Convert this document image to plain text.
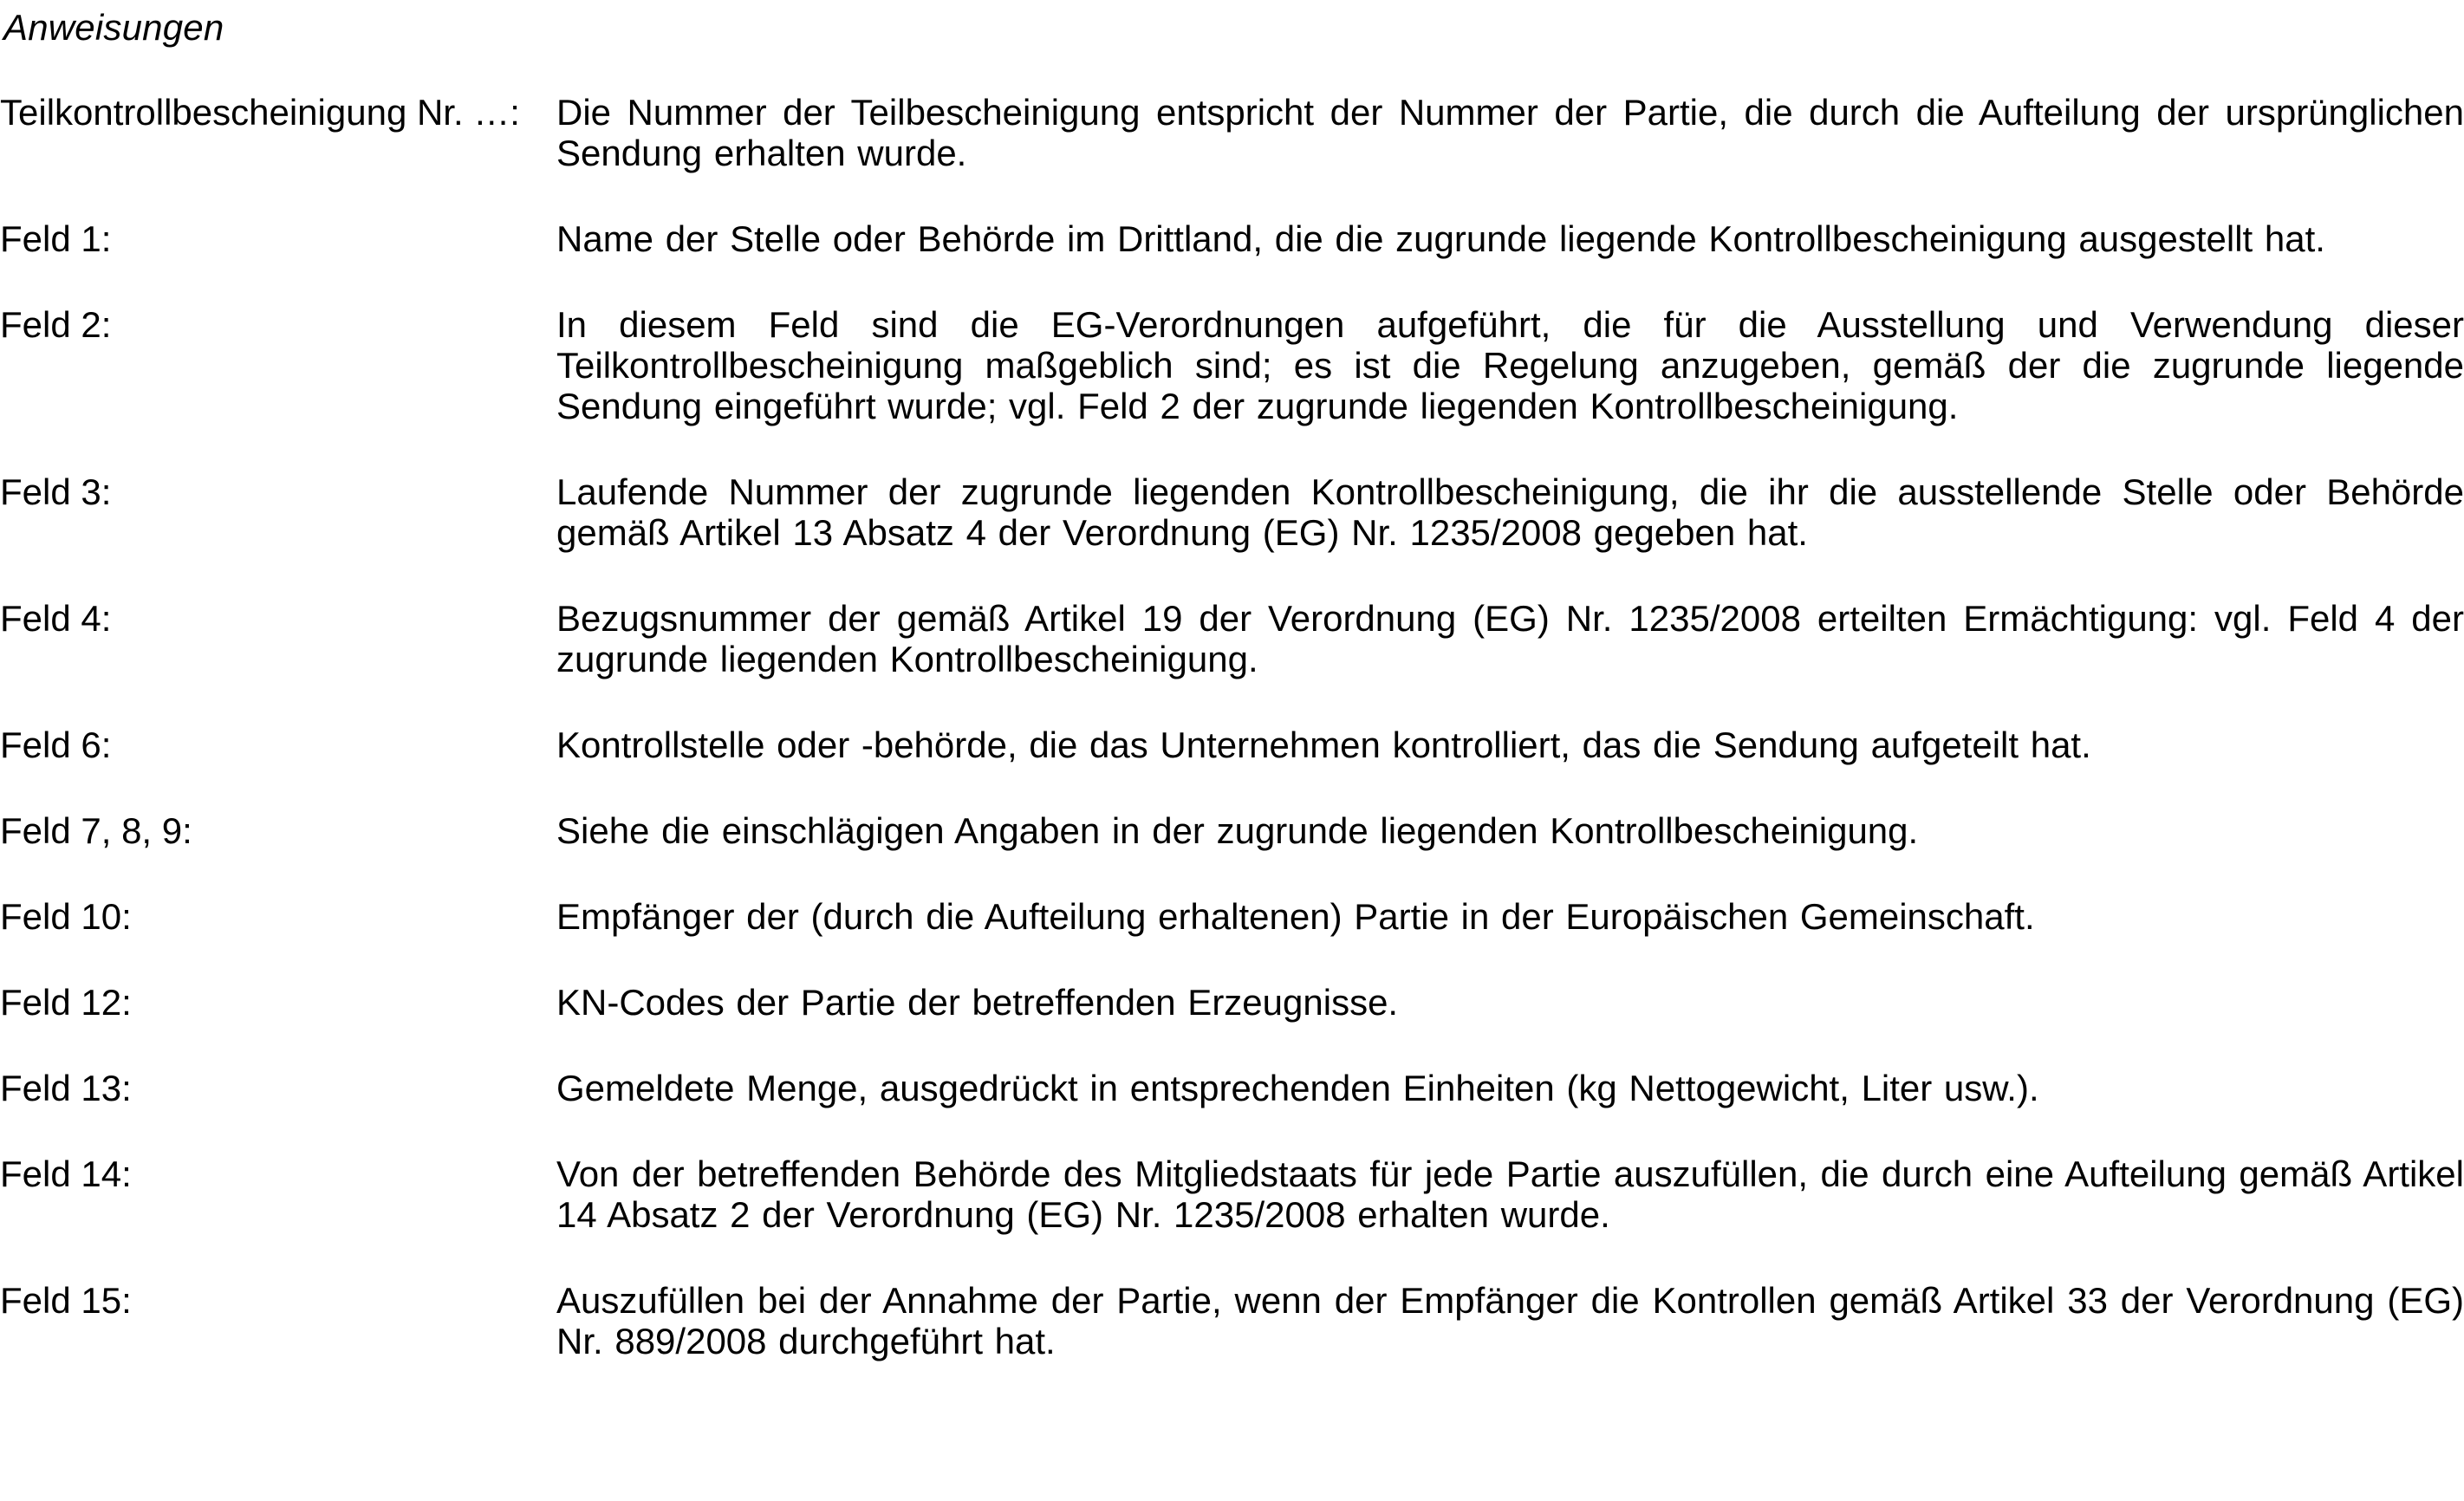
Anweisungen
Teilkontrollbescheinigung Nr. …:	Die Nummer der Teilbescheinigung entspricht der Nummer der Partie, die durch die Aufteilung der ursprünglichen Sendung erhalten wurde.
Feld 1:	Name der Stelle oder Behörde im Drittland, die die zugrunde liegende Kontrollbescheinigung ausgestellt hat.
Feld 2:	In diesem Feld sind die EG-Verordnungen aufgeführt, die für die Ausstellung und Verwendung dieser Teilkontrollbescheinigung maßgeblich sind; es ist die Regelung anzugeben, gemäß der die zugrunde liegende Sendung eingeführt wurde; vgl. Feld 2 der zugrunde liegenden Kontrollbescheinigung.
Feld 3:	Laufende Nummer der zugrunde liegenden Kontrollbescheinigung, die ihr die ausstellende Stelle oder Behörde gemäß Artikel 13 Absatz 4 der Verordnung (EG) Nr. 1235/2008 gegeben hat.
Feld 4:	Bezugsnummer der gemäß Artikel 19 der Verordnung (EG) Nr. 1235/2008 erteilten Ermächtigung: vgl. Feld 4 der zugrunde liegenden Kontrollbescheinigung.
Feld 6:	Kontrollstelle oder -behörde, die das Unternehmen kontrolliert, das die Sendung aufgeteilt hat.
Feld 7, 8, 9:	Siehe die einschlägigen Angaben in der zugrunde liegenden Kontrollbescheinigung.
Feld 10:	Empfänger der (durch die Aufteilung erhaltenen) Partie in der Europäischen Gemeinschaft.
Feld 12:	KN-Codes der Partie der betreffenden Erzeugnisse.
Feld 13:	Gemeldete Menge, ausgedrückt in entsprechenden Einheiten (kg Nettogewicht, Liter usw.).
Feld 14:	Von der betreffenden Behörde des Mitgliedstaats für jede Partie auszufüllen, die durch eine Aufteilung gemäß Artikel 14 Absatz 2 der Verordnung (EG) Nr. 1235/2008 erhalten wurde.
Feld 15:	Auszufüllen bei der Annahme der Partie, wenn der Empfänger die Kontrollen gemäß Artikel 33 der Verordnung (EG) Nr. 889/2008 durchgeführt hat.
